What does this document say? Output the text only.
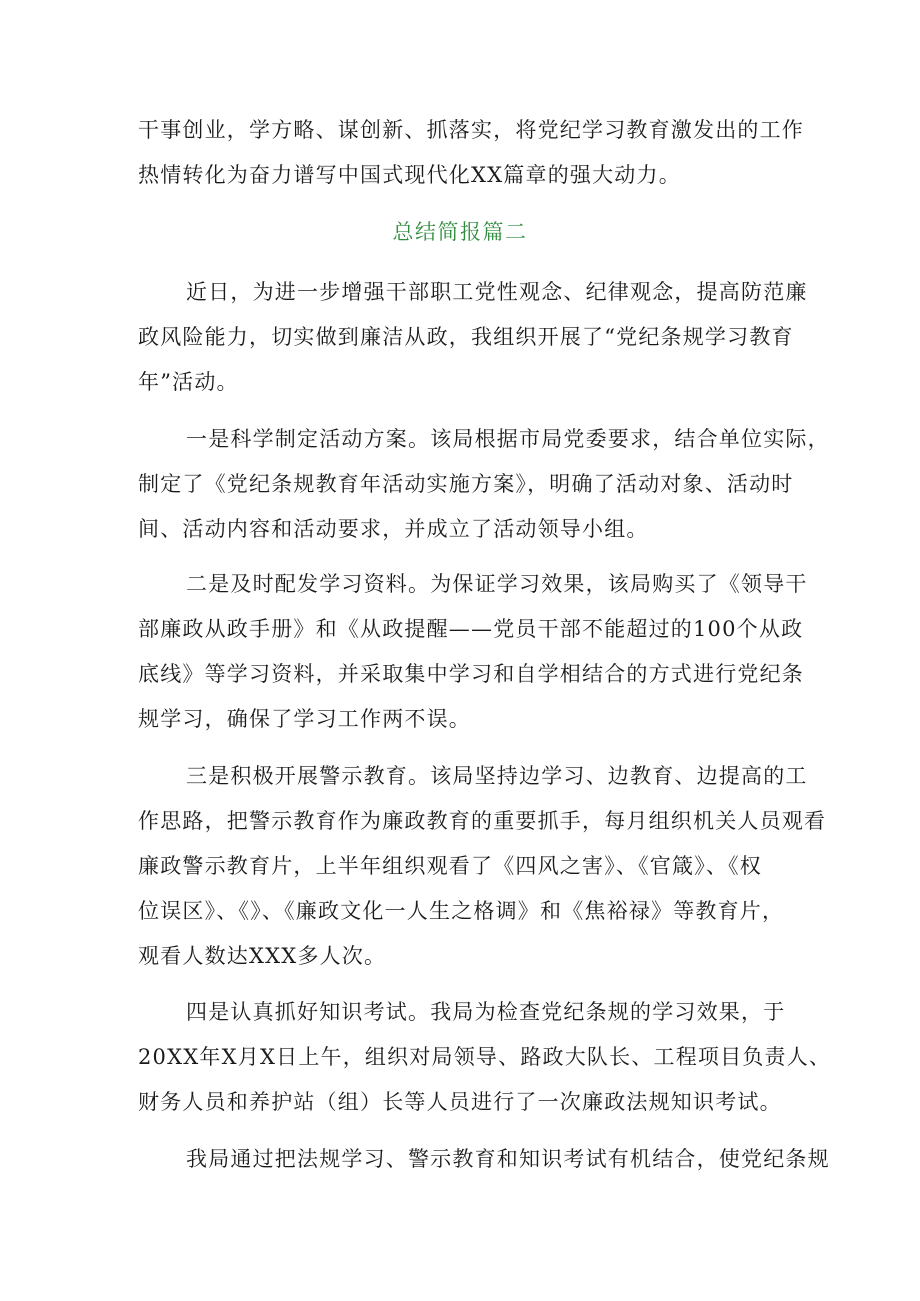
干事创业，学方略、谋创新、抓落实，将党纪学习教育激发出的工作
热情转化为奋力谱写中国式现代化XX篇章的强大动力。
总结简报篇二
近日，为进一步增强干部职工党性观念、纪律观念，提高防范廉
政风险能力，切实做到廉洁从政，我组织开展了“党纪条规学习教育
年”活动。
一是科学制定活动方案。该局根据市局党委要求，结合单位实际，
制定了《党纪条规教育年活动实施方案》，明确了活动对象、活动时
间、活动内容和活动要求，并成立了活动领导小组。
二是及时配发学习资料。为保证学习效果，该局购买了《领导干
部廉政从政手册》和《从政提醒——党员干部不能超过的100个从政
底线》等学习资料，并采取集中学习和自学相结合的方式进行党纪条
规学习，确保了学习工作两不误。
三是积极开展警示教育。该局坚持边学习、边教育、边提高的工
作思路，把警示教育作为廉政教育的重要抓手，每月组织机关人员观看
廉政警示教育片，上半年组织观看了《四风之害》、《官箴》、《权
位误区》、《》、《廉政文化一人生之格调》和《焦裕禄》等教育片，
观看人数达XXX多人次。
四是认真抓好知识考试。我局为检查党纪条规的学习效果，于
20XX年X月X日上午，组织对局领导、路政大队长、工程项目负责人、
财务人员和养护站（组）长等人员进行了一次廉政法规知识考试。
我局通过把法规学习、警示教育和知识考试有机结合，使党纪条规
